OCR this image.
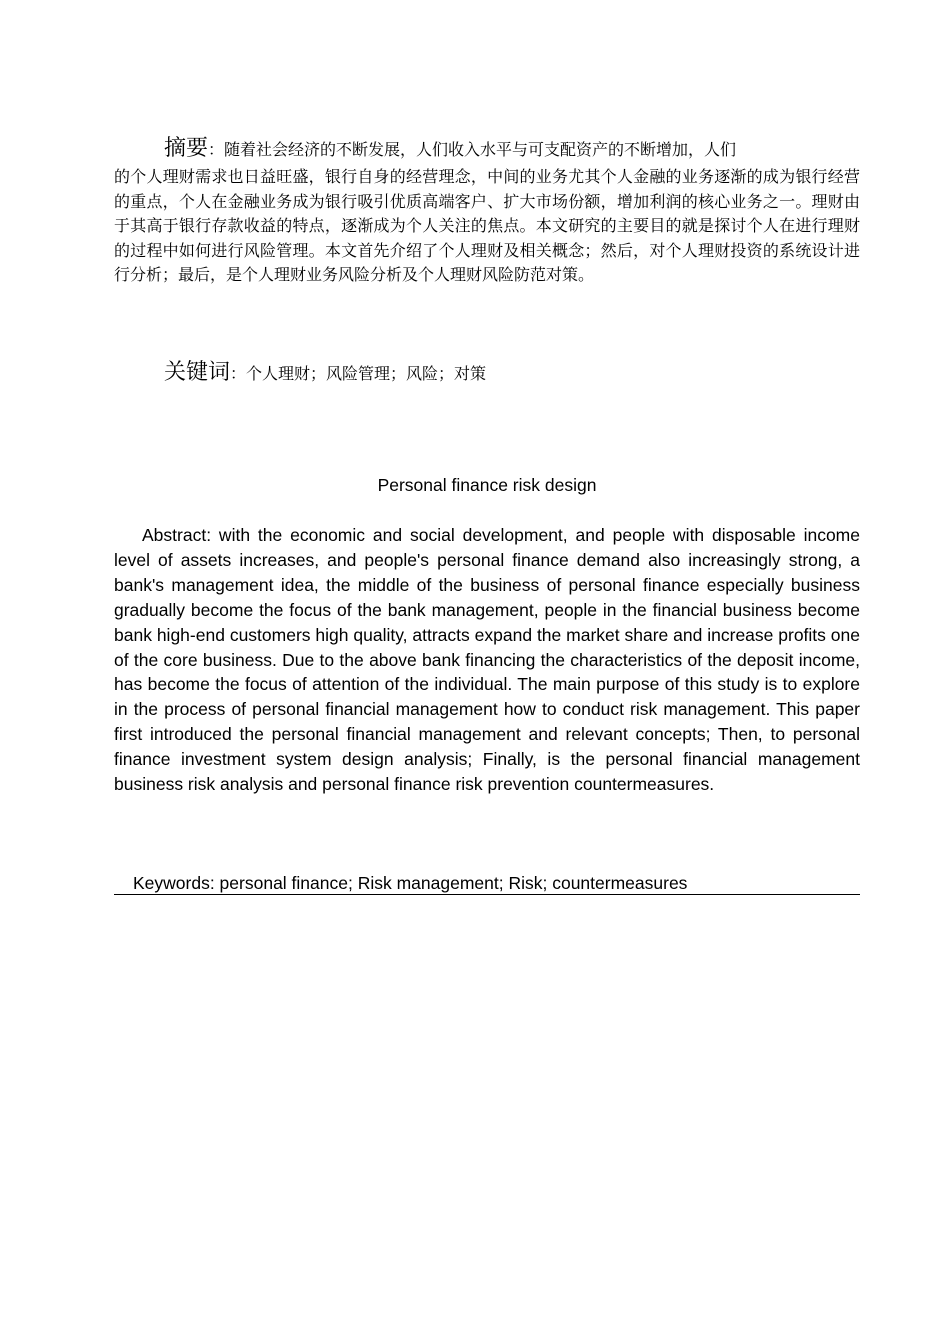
摘要：随着社会经济的不断发展，人们收入水平与可支配资产的不断增加，人们
的个人理财需求也日益旺盛，银行自身的经营理念，中间的业务尤其个人金融的业务逐渐的成为银行经营的重点，个人在金融业务成为银行吸引优质高端客户、扩大市场份额，增加利润的核心业务之一。理财由于其高于银行存款收益的特点，逐渐成为个人关注的焦点。本文研究的主要目的就是探讨个人在进行理财的过程中如何进行风险管理。本文首先介绍了个人理财及相关概念；然后，对个人理财投资的系统设计进行分析；最后，是个人理财业务风险分析及个人理财风险防范对策。
关键词：个人理财；风险管理；风险；对策
Personal finance risk design
Abstract: with the economic and social development, and people with disposable income level of assets increases, and people's personal finance demand also increasingly strong, a bank's management idea, the middle of the business of personal finance especially business gradually become the focus of the bank management, people in the financial business become bank high-end customers high quality, attracts expand the market share and increase profits one of the core business. Due to the above bank financing the characteristics of the deposit income, has become the focus of attention of the individual. The main purpose of this study is to explore in the process of personal financial management how to conduct risk management. This paper first introduced the personal financial management and relevant concepts; Then, to personal finance investment system design analysis; Finally, is the personal financial management business risk analysis and personal finance risk prevention countermeasures.
Keywords: personal finance; Risk management; Risk; countermeasures
